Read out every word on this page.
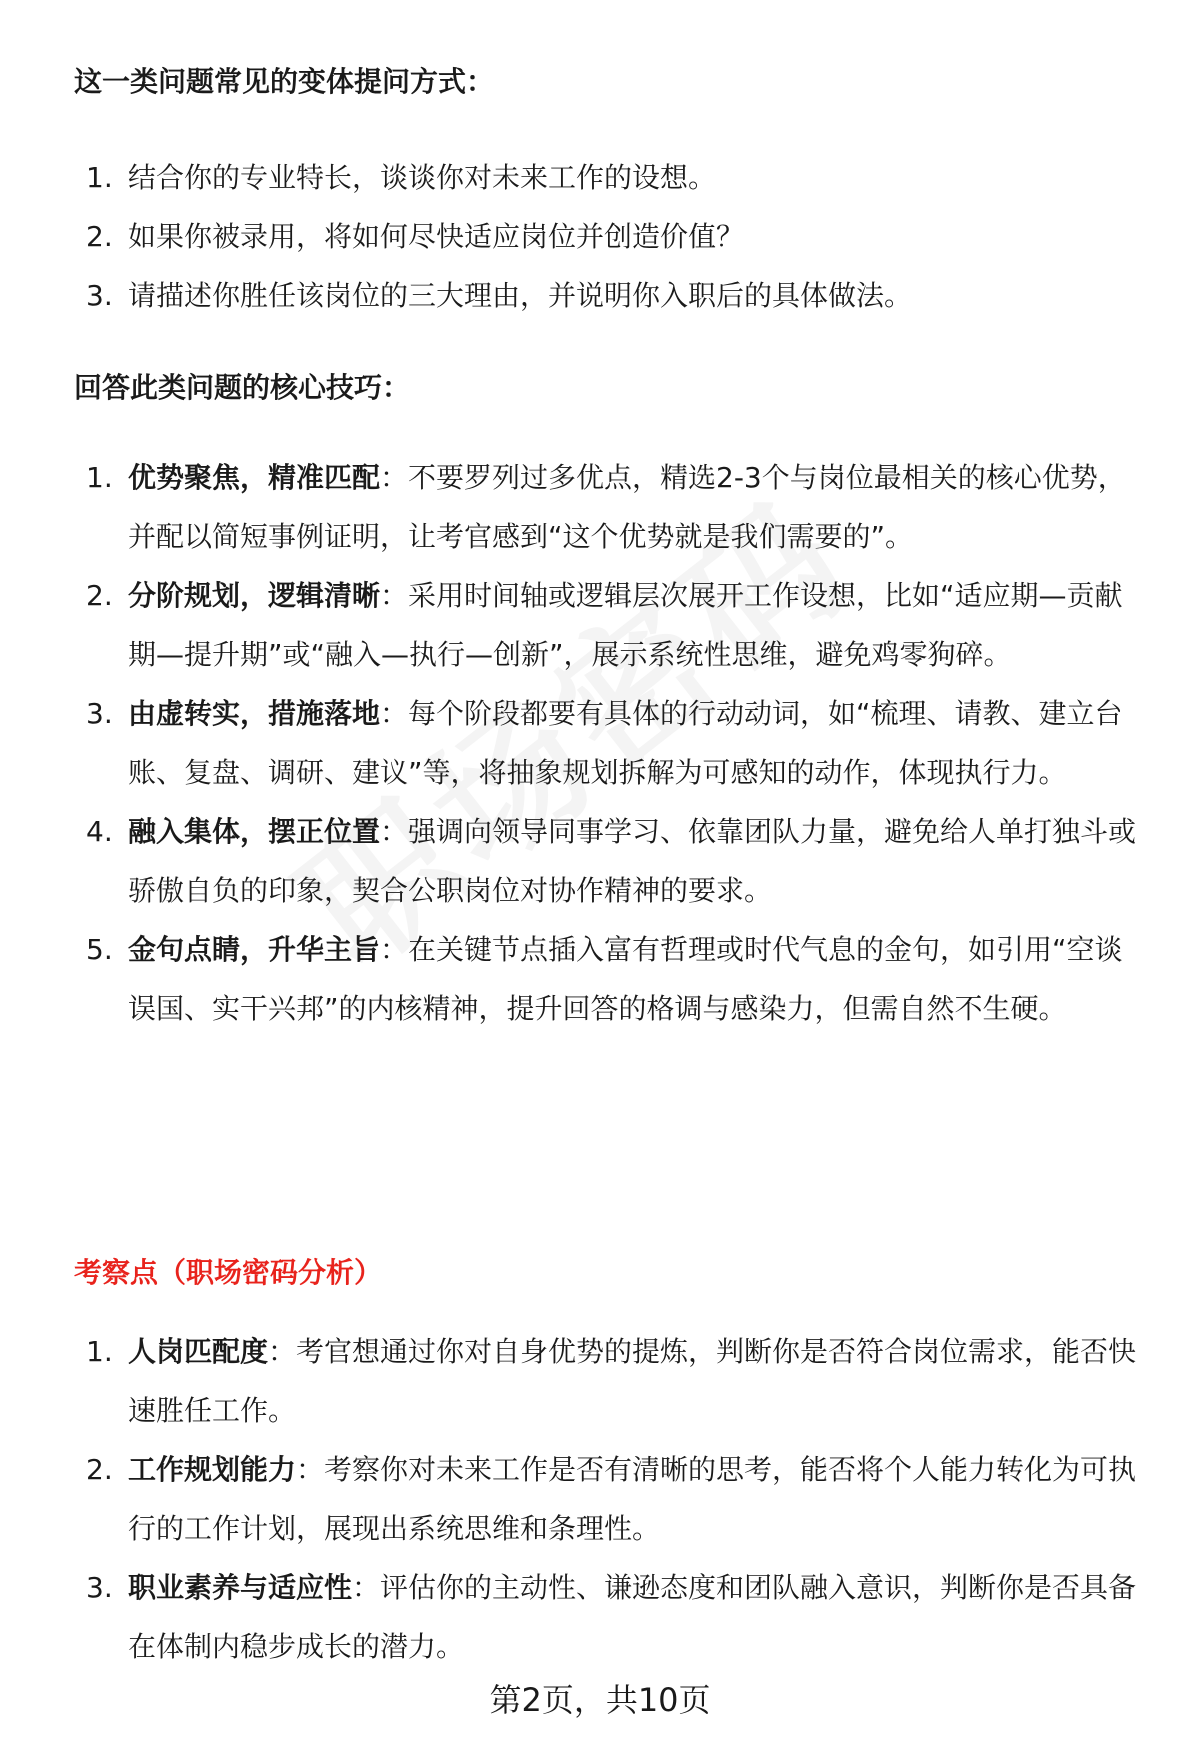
这一类问题常见的变体提问方式：
1. 结合你的专业特长，谈谈你对未来工作的设想。
2. 如果你被录用，将如何尽快适应岗位并创造价值？
3. 请描述你胜任该岗位的三大理由，并说明你入职后的具体做法。
回答此类问题的核心技巧：
1. 优势聚焦，精准匹配：不要罗列过多优点，精选2-3个与岗位最相关的核心优势，并配以简短事例证明，让考官感到“这个优势就是我们需要的”。
2. 分阶规划，逻辑清晰：采用时间轴或逻辑层次展开工作设想，比如“适应期—贡献期—提升期”或“融入—执行—创新”，展示系统性思维，避免鸡零狗碎。
3. 由虚转实，措施落地：每个阶段都要有具体的行动动词，如“梳理、请教、建立台账、复盘、调研、建议”等，将抽象规划拆解为可感知的动作，体现执行力。
4. 融入集体，摆正位置：强调向领导同事学习、依靠团队力量，避免给人单打独斗或骄傲自负的印象，契合公职岗位对协作精神的要求。
5. 金句点睛，升华主旨：在关键节点插入富有哲理或时代气息的金句，如引用“空谈误国、实干兴邦”的内核精神，提升回答的格调与感染力，但需自然不生硬。
考察点（职场密码分析）
1. 人岗匹配度：考官想通过你对自身优势的提炼，判断你是否符合岗位需求，能否快速胜任工作。
2. 工作规划能力：考察你对未来工作是否有清晰的思考，能否将个人能力转化为可执行的工作计划，展现出系统思维和条理性。
3. 职业素养与适应性：评估你的主动性、谦逊态度和团队融入意识，判断你是否具备在体制内稳步成长的潜力。
第2页，共10页
